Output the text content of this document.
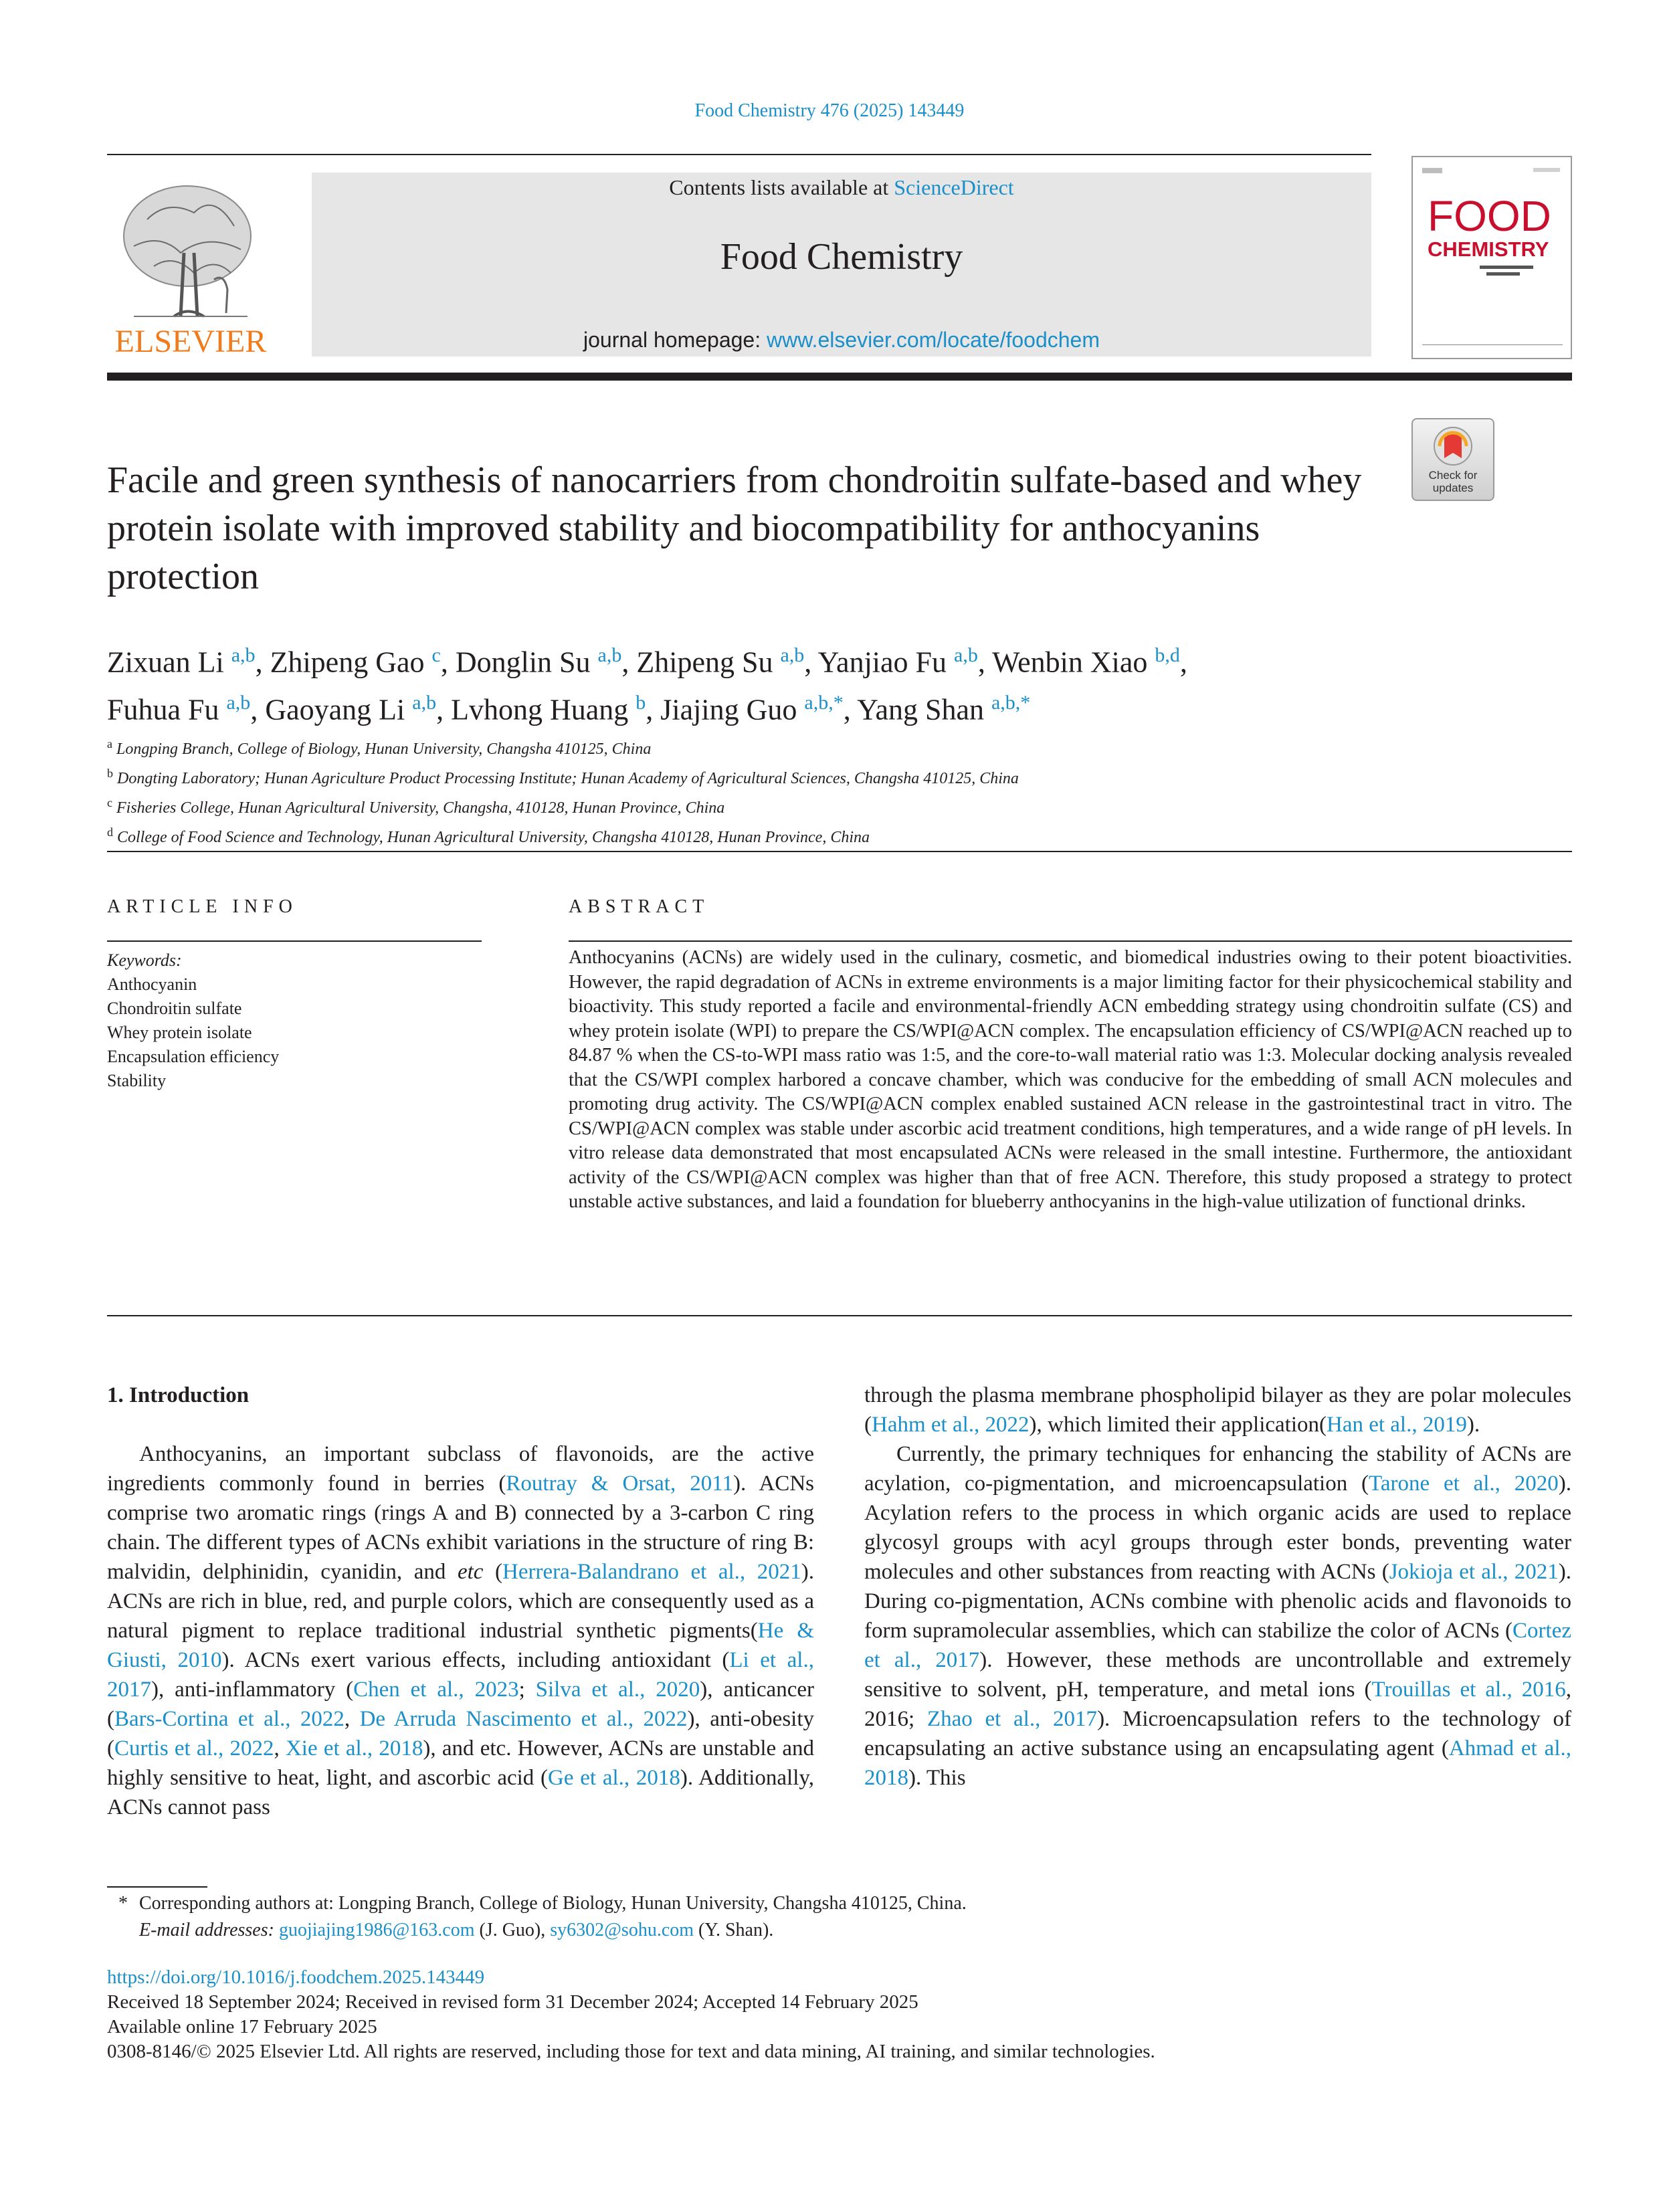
Food Chemistry 476 (2025) 143449
ELSEVIER
Contents lists available at ScienceDirect
Food Chemistry
journal homepage: www.elsevier.com/locate/foodchem
FOOD
CHEMISTRY
Check for updates
Facile and green synthesis of nanocarriers from chondroitin sulfate-based and whey protein isolate with improved stability and biocompatibility for anthocyanins protection
Zixuan Li $^{a,b}$, Zhipeng Gao $^c$, Donglin Su $^{a,b}$, Zhipeng Su $^{a,b}$, Yanjiao Fu $^{a,b}$, Wenbin Xiao $^{b,d}$,
Fuhua Fu $^{a,b}$, Gaoyang Li $^{a,b}$, Lvhong Huang $^b$, Jiajing Guo $^{a,b,*}$, Yang Shan $^{a,b,*}$
$^a$ Longping Branch, College of Biology, Hunan University, Changsha 410125, China
$^b$ Dongting Laboratory; Hunan Agriculture Product Processing Institute; Hunan Academy of Agricultural Sciences, Changsha 410125, China
$^c$ Fisheries College, Hunan Agricultural University, Changsha, 410128, Hunan Province, China
$^d$ College of Food Science and Technology, Hunan Agricultural University, Changsha 410128, Hunan Province, China
ARTICLE INFO	ABSTRACT
Keywords:
Anthocyanin
Chondroitin sulfate
Whey protein isolate
Encapsulation efficiency
Stability
Anthocyanins (ACNs) are widely used in the culinary, cosmetic, and biomedical industries owing to their potent bioactivities. However, the rapid degradation of ACNs in extreme environments is a major limiting factor for their physicochemical stability and bioactivity. This study reported a facile and environmental-friendly ACN embedding strategy using chondroitin sulfate (CS) and whey protein isolate (WPI) to prepare the CS/WPI@ACN complex. The encapsulation efficiency of CS/WPI@ACN reached up to 84.87 % when the CS-to-WPI mass ratio was 1:5, and the core-to-wall material ratio was 1:3. Molecular docking analysis revealed that the CS/WPI complex harbored a concave chamber, which was conducive for the embedding of small ACN molecules and promoting drug activity. The CS/WPI@ACN complex enabled sustained ACN release in the gastrointestinal tract in vitro. The CS/WPI@ACN complex was stable under ascorbic acid treatment conditions, high temperatures, and a wide range of pH levels. In vitro release data demonstrated that most encapsulated ACNs were released in the small intestine. Furthermore, the antioxidant activity of the CS/WPI@ACN complex was higher than that of free ACN. Therefore, this study proposed a strategy to protect unstable active substances, and laid a foundation for blueberry anthocyanins in the high-value utilization of functional drinks.
1. Introduction

Anthocyanins, an important subclass of flavonoids, are the active ingredients commonly found in berries (Routray & Orsat, 2011). ACNs comprise two aromatic rings (rings A and B) connected by a 3-carbon C ring chain. The different types of ACNs exhibit variations in the structure of ring B: malvidin, delphinidin, cyanidin, and etc (Herrera-Balandrano et al., 2021). ACNs are rich in blue, red, and purple colors, which are consequently used as a natural pigment to replace traditional industrial synthetic pigments(He & Giusti, 2010). ACNs exert various effects, including antioxidant (Li et al., 2017), anti-inflammatory (Chen et al., 2023; Silva et al., 2020), anticancer (Bars-Cortina et al., 2022, De Arruda Nascimento et al., 2022), anti-obesity (Curtis et al., 2022, Xie et al., 2018), and etc. However, ACNs are unstable and highly sensitive to heat, light, and ascorbic acid (Ge et al., 2018). Additionally, ACNs cannot pass

through the plasma membrane phospholipid bilayer as they are polar molecules (Hahm et al., 2022), which limited their application(Han et al., 2019).

Currently, the primary techniques for enhancing the stability of ACNs are acylation, co-pigmentation, and microencapsulation (Tarone et al., 2020). Acylation refers to the process in which organic acids are used to replace glycosyl groups with acyl groups through ester bonds, preventing water molecules and other substances from reacting with ACNs (Jokioja et al., 2021). During co-pigmentation, ACNs combine with phenolic acids and flavonoids to form supramolecular assemblies, which can stabilize the color of ACNs (Cortez et al., 2017). However, these methods are uncontrollable and extremely sensitive to solvent, pH, temperature, and metal ions (Trouillas et al., 2016, 2016; Zhao et al., 2017). Microencapsulation refers to the technology of encapsulating an active substance using an encapsulating agent (Ahmad et al., 2018). This

* Corresponding authors at: Longping Branch, College of Biology, Hunan University, Changsha 410125, China.
E-mail addresses: guojiajing1986@163.com (J. Guo), sy6302@sohu.com (Y. Shan).
https://doi.org/10.1016/j.foodchem.2025.143449
Received 18 September 2024; Received in revised form 31 December 2024; Accepted 14 February 2025
Available online 17 February 2025
0308-8146/© 2025 Elsevier Ltd. All rights are reserved, including those for text and data mining, AI training, and similar technologies.
